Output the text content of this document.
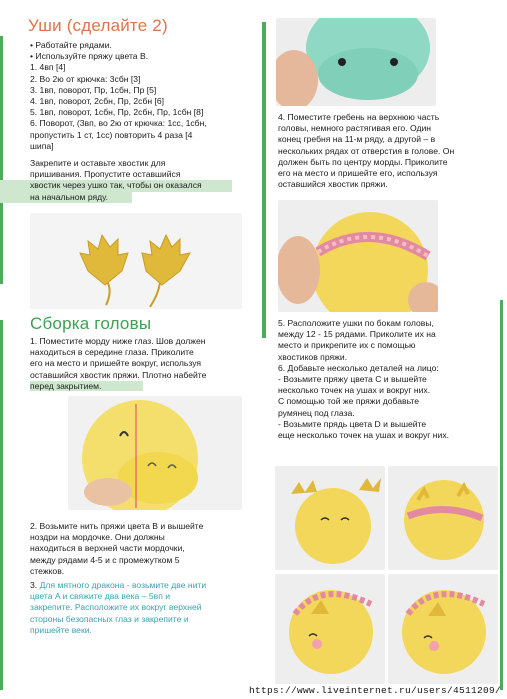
Уши (сделайте 2)
• Работайте рядами.
• Используйте пряжу цвета B.
1. 4вп [4]
2. Во 2ю от крючка: 3сбн [3]
3. 1вп, поворот, Пр, 1сбн, Пр [5]
4. 1вп, поворот, 2сбн, Пр, 2сбн [6]
5. 1вп, поворот, 1сбн, Пр, 2сбн, Пр, 1сбн [8]
6. Поворот, (3вп, во 2ю от крючка: 1сс, 1сбн,
пропустить 1 ст, 1сс) повторить 4 раза [4
шипа]
Закрепите и оставьте хвостик для
пришивания. Пропустите оставшийся
хвостик через ушко так, чтобы он оказался
на начальном ряду.
Сборка головы
1. Поместите морду ниже глаз. Шов должен
находиться в середине глаза. Приколите
его на место и пришейте вокруг, используя
оставшийся хвостик пряжи. Плотно набейте
перед закрытием.
2. Возьмите нить пряжи цвета B и вышейте
ноздри на мордочке. Они должны
находиться в верхней части мордочки,
между рядами 4-5 и с промежутком 5
стежков.
3. Для мятного дракона - возьмите две нити
цвета A и свяжите два века – 5вп и
закрепите. Расположите их вокруг верхней
стороны безопасных глаз и закрепите и
пришейте веки.
4. Поместите гребень на верхнюю часть
головы, немного растягивая его. Один
конец гребня на 11-м ряду, а другой – в
нескольких рядах от отверстия в голове. Он
должен быть по центру морды. Приколите
его на место и пришейте его, используя
оставшийся хвостик пряжи.
5. Расположите ушки по бокам головы,
между 12 - 15 рядами. Приколите их на
место и прикрепите их с помощью
хвостиков пряжи.
6. Добавьте несколько деталей на лицо:
- Возьмите пряжу цвета C и вышейте
несколько точек на ушах и вокруг них.
С помощью той же пряжи добавьте
румянец под глаза.
- Возьмите прядь цвета D и вышейте
еще несколько точек на ушах и вокруг них.
https://www.liveinternet.ru/users/4511209/
